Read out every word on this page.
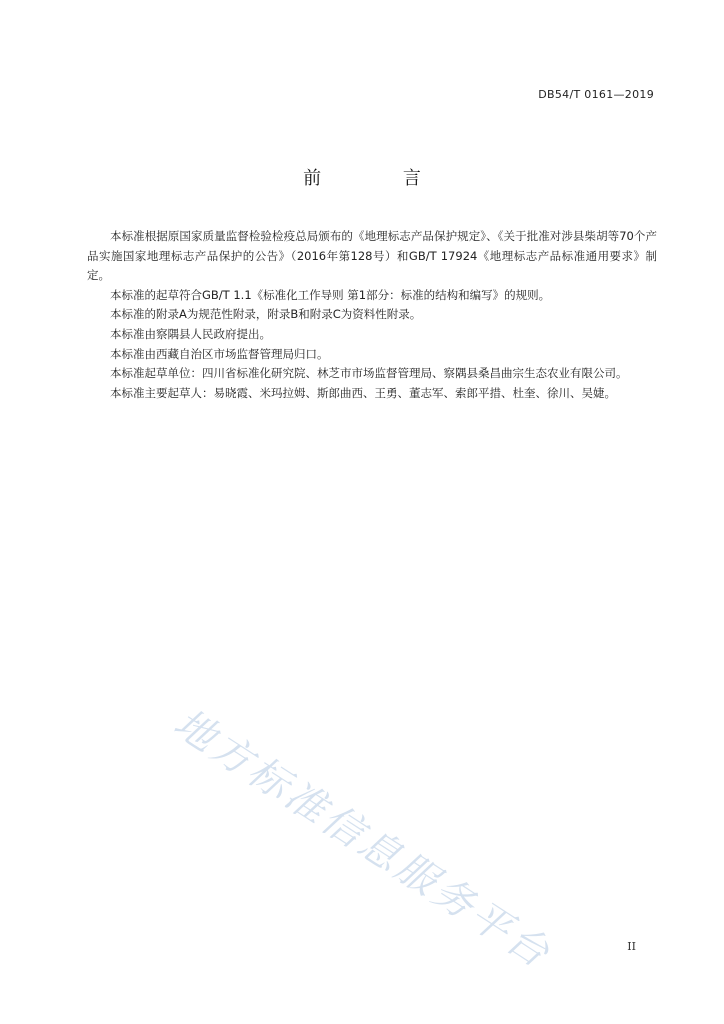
DB54/T 0161—2019
前 言

本标准根据原国家质量监督检验检疫总局颁布的《地理标志产品保护规定》、《关于批准对涉县柴胡等70个产品实施国家地理标志产品保护的公告》（2016年第128号）和GB/T 17924《地理标志产品标准通用要求》制定。

本标准的起草符合GB/T 1.1《标准化工作导则 第1部分：标准的结构和编写》的规则。

本标准的附录A为规范性附录，附录B和附录C为资料性附录。

本标准由察隅县人民政府提出。

本标准由西藏自治区市场监督管理局归口。

本标准起草单位：四川省标准化研究院、林芝市市场监督管理局、察隅县桑昌曲宗生态农业有限公司。

本标准主要起草人：易晓霞、米玛拉姆、斯郎曲西、王勇、董志军、索郎平措、杜奎、徐川、吴婕。

地方标准信息服务平台	II
